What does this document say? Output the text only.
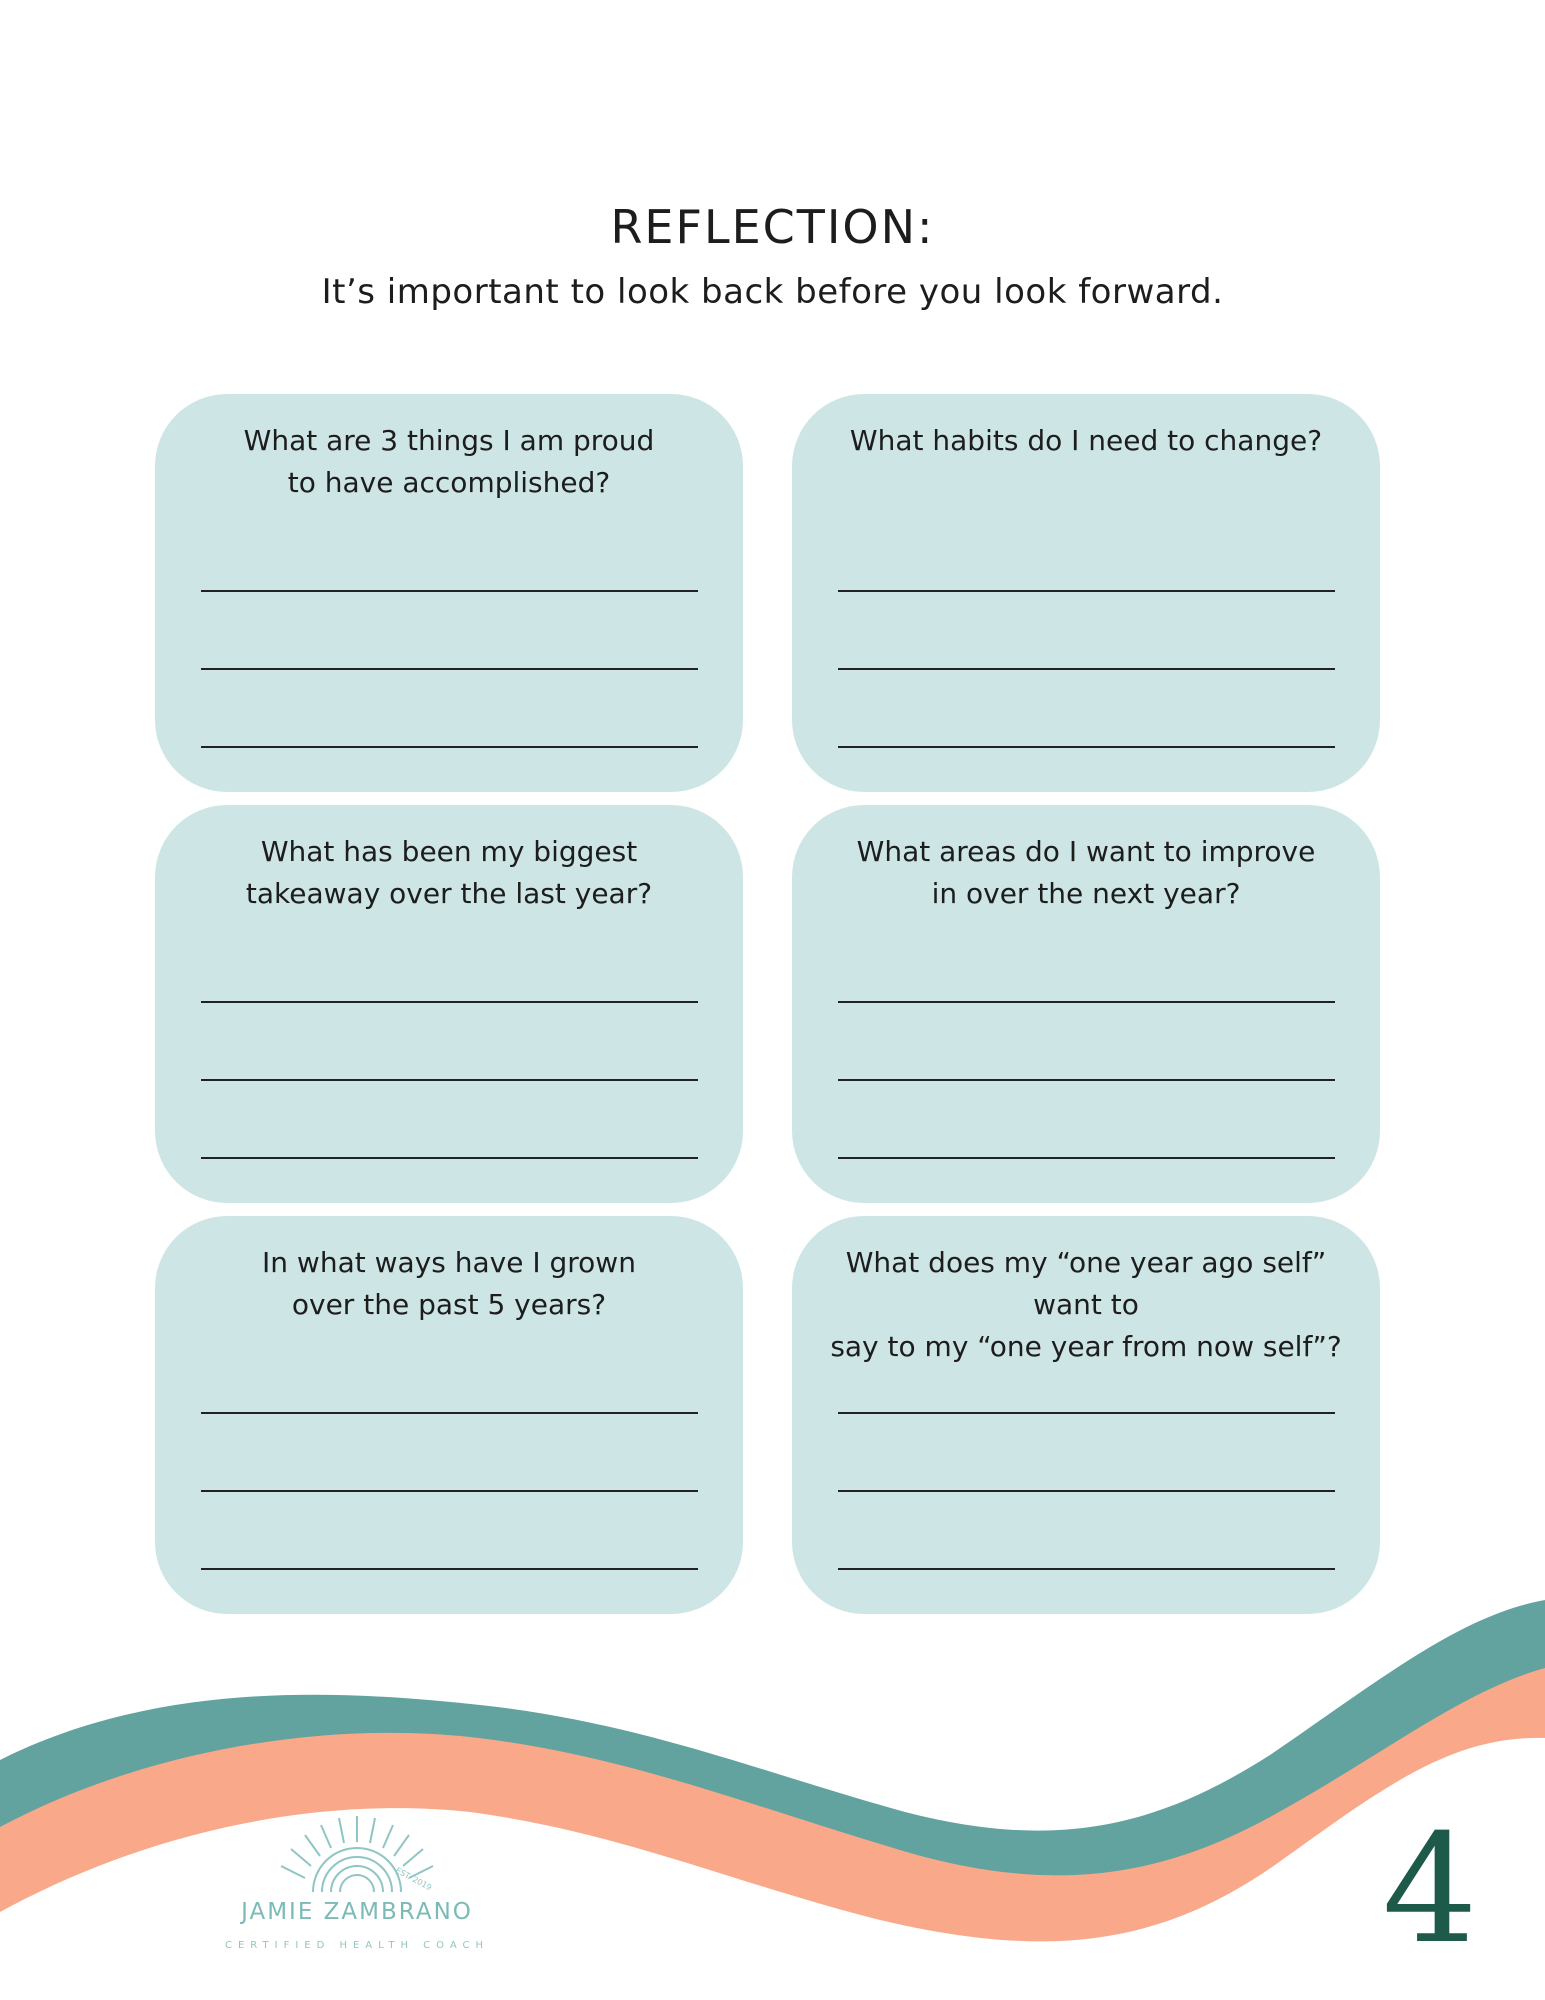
REFLECTION:

It’s important to look back before you look forward.

What are 3 things I am proud
to have accomplished?
What habits do I need to change?
What has been my biggest
takeaway over the last year?
What areas do I want to improve
in over the next year?
In what ways have I grown
over the past 5 years?
What does my “one year ago self” want to
say to my “one year from now self”?
EST. 2019

JAMIE ZAMBRANO

CERTIFIED HEALTH COACH	4
